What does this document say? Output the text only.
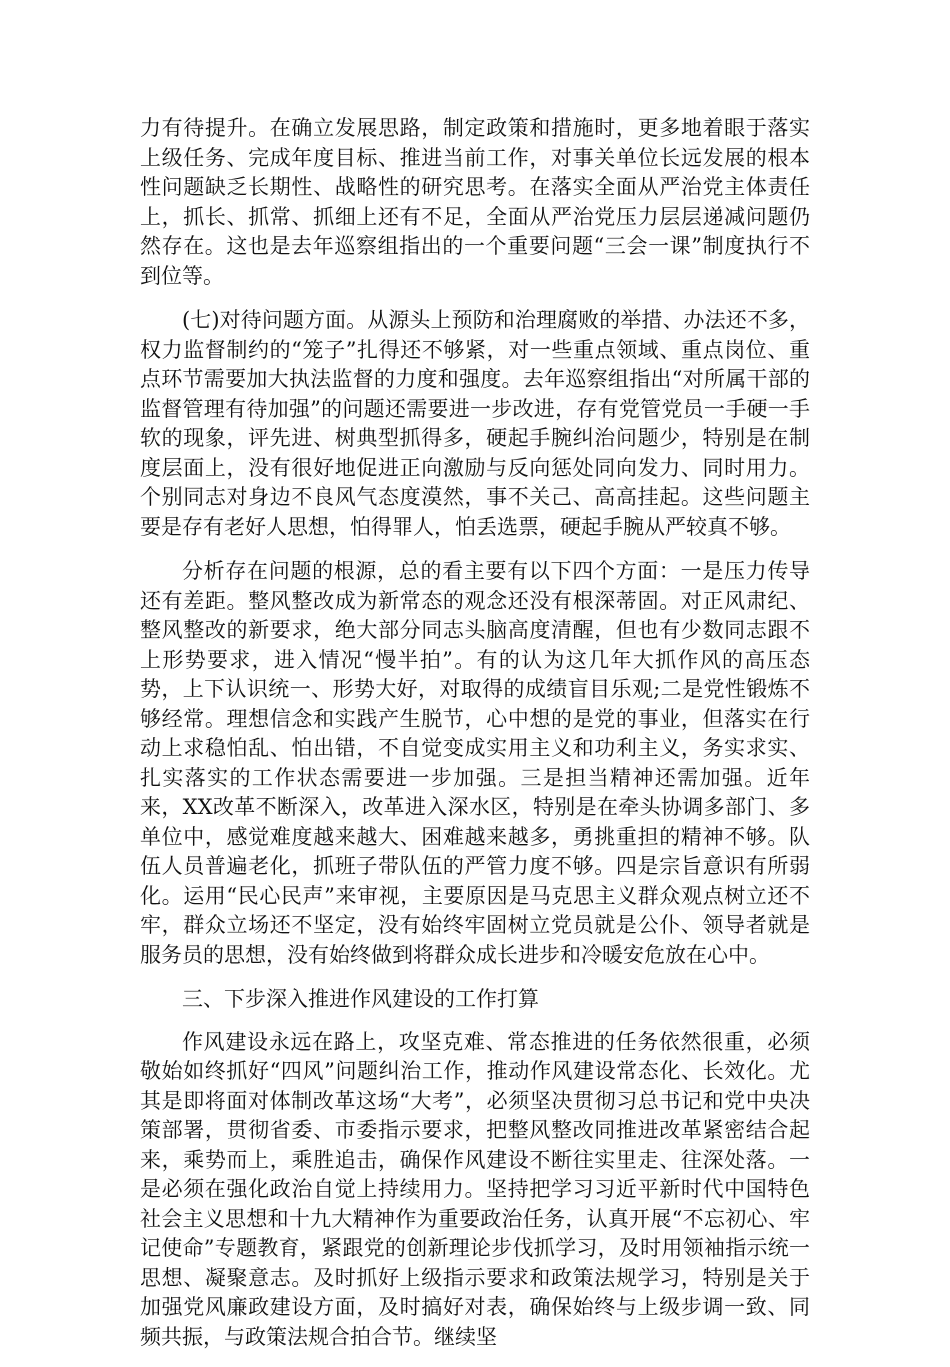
力有待提升。在确立发展思路，制定政策和措施时，更多地着眼于落实上级任务、完成年度目标、推进当前工作，对事关单位长远发展的根本性问题缺乏长期性、战略性的研究思考。在落实全面从严治党主体责任上，抓长、抓常、抓细上还有不足，全面从严治党压力层层递减问题仍然存在。这也是去年巡察组指出的一个重要问题“三会一课”制度执行不到位等。

(七)对待问题方面。从源头上预防和治理腐败的举措、办法还不多，权力监督制约的“笼子”扎得还不够紧，对一些重点领域、重点岗位、重点环节需要加大执法监督的力度和强度。去年巡察组指出“对所属干部的监督管理有待加强”的问题还需要进一步改进，存有党管党员一手硬一手软的现象，评先进、树典型抓得多，硬起手腕纠治问题少，特别是在制度层面上，没有很好地促进正向激励与反向惩处同向发力、同时用力。个别同志对身边不良风气态度漠然，事不关己、高高挂起。这些问题主要是存有老好人思想，怕得罪人，怕丢选票，硬起手腕从严较真不够。

分析存在问题的根源，总的看主要有以下四个方面：一是压力传导还有差距。整风整改成为新常态的观念还没有根深蒂固。对正风肃纪、整风整改的新要求，绝大部分同志头脑高度清醒，但也有少数同志跟不上形势要求，进入情况“慢半拍”。有的认为这几年大抓作风的高压态势，上下认识统一、形势大好，对取得的成绩盲目乐观;二是党性锻炼不够经常。理想信念和实践产生脱节，心中想的是党的事业，但落实在行动上求稳怕乱、怕出错，不自觉变成实用主义和功利主义，务实求实、扎实落实的工作状态需要进一步加强。三是担当精神还需加强。近年来，XX改革不断深入，改革进入深水区，特别是在牵头协调多部门、多单位中，感觉难度越来越大、困难越来越多，勇挑重担的精神不够。队伍人员普遍老化，抓班子带队伍的严管力度不够。四是宗旨意识有所弱化。运用“民心民声”来审视，主要原因是马克思主义群众观点树立还不牢，群众立场还不坚定，没有始终牢固树立党员就是公仆、领导者就是服务员的思想，没有始终做到将群众成长进步和冷暖安危放在心中。

三、下步深入推进作风建设的工作打算

作风建设永远在路上，攻坚克难、常态推进的任务依然很重，必须敬始如终抓好“四风”问题纠治工作，推动作风建设常态化、长效化。尤其是即将面对体制改革这场“大考”，必须坚决贯彻习总书记和党中央决策部署，贯彻省委、市委指示要求，把整风整改同推进改革紧密结合起来，乘势而上，乘胜追击，确保作风建设不断往实里走、往深处落。一是必须在强化政治自觉上持续用力。坚持把学习习近平新时代中国特色社会主义思想和十九大精神作为重要政治任务，认真开展“不忘初心、牢记使命”专题教育，紧跟党的创新理论步伐抓学习，及时用领袖指示统一思想、凝聚意志。及时抓好上级指示要求和政策法规学习，特别是关于加强党风廉政建设方面，及时搞好对表，确保始终与上级步调一致、同频共振，与政策法规合拍合节。继续坚
